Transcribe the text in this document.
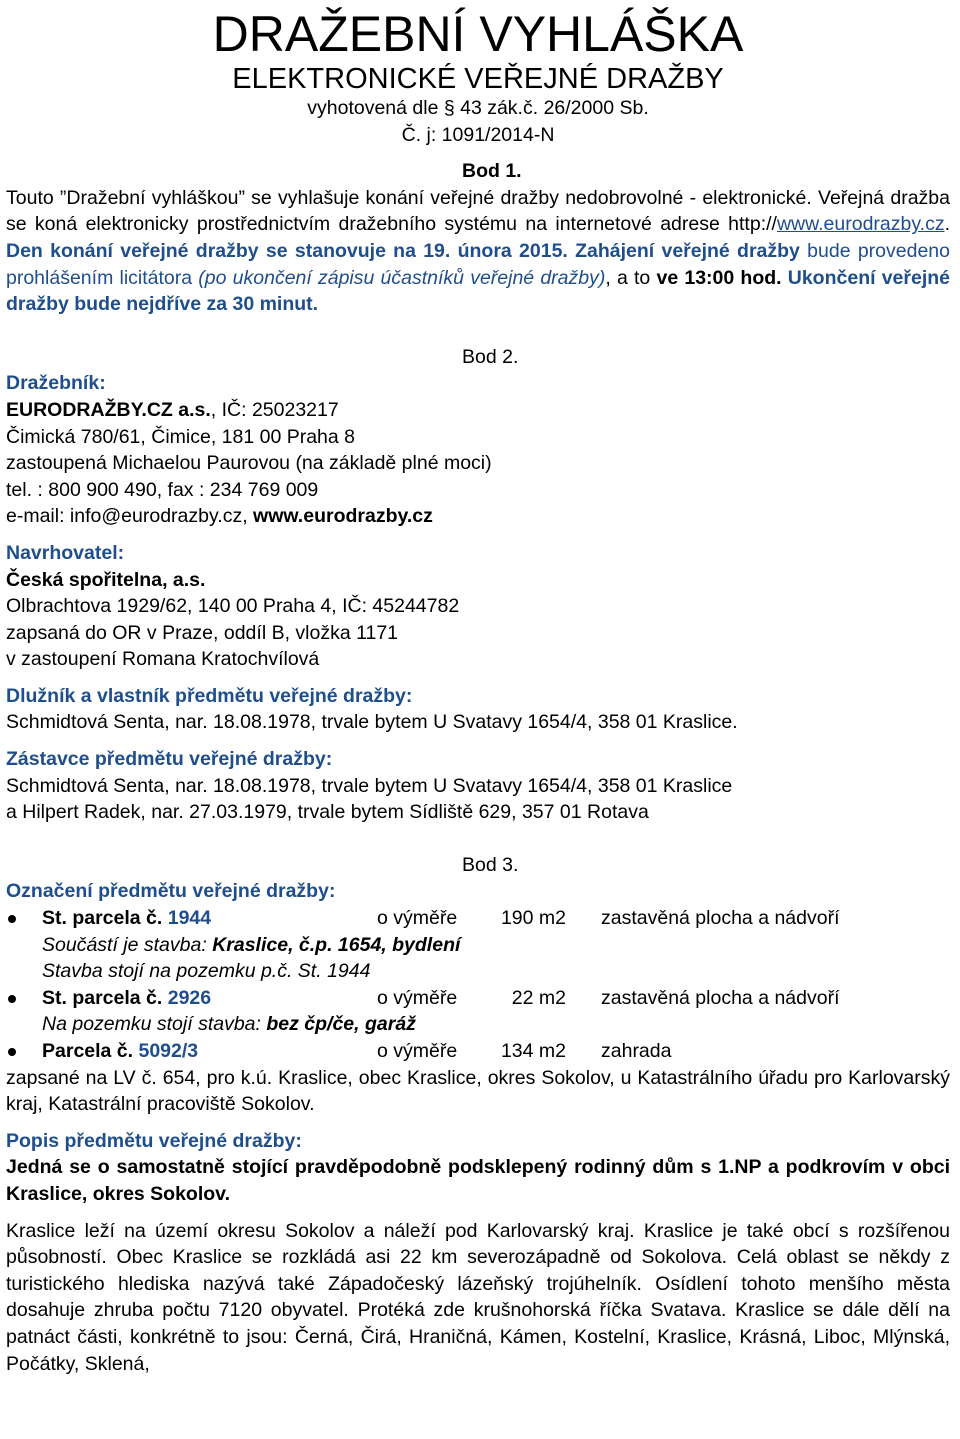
DRAŽEBNÍ VYHLÁŠKA
ELEKTRONICKÉ VEŘEJNÉ DRAŽBY
vyhotovená dle § 43 zák.č. 26/2000 Sb.
Č. j: 1091/2014-N
Bod 1.
Touto ”Dražební vyhláškou” se vyhlašuje konání veřejné dražby nedobrovolné - elektronické. Veřejná dražba se koná elektronicky prostřednictvím dražebního systému na internetové adrese http://www.eurodrazby.cz. Den konání veřejné dražby se stanovuje na 19. února 2015. Zahájení veřejné dražby bude provedeno prohlášením licitátora (po ukončení zápisu účastníků veřejné dražby), a to ve 13:00 hod. Ukončení veřejné dražby bude nejdříve za 30 minut.
Bod 2.
Dražebník:
EURODRAŽBY.CZ a.s., IČ: 25023217
Čimická 780/61, Čimice, 181 00 Praha 8
zastoupená Michaelou Paurovou (na základě plné moci)
tel. : 800 900 490, fax : 234 769 009
e-mail: info@eurodrazby.cz, www.eurodrazby.cz
Navrhovatel:
Česká spořitelna, a.s.
Olbrachtova 1929/62, 140 00 Praha 4, IČ: 45244782
zapsaná do OR v Praze, oddíl B, vložka 1171
v zastoupení Romana Kratochvílová
Dlužník a vlastník předmětu veřejné dražby:
Schmidtová Senta, nar. 18.08.1978, trvale bytem U Svatavy 1654/4, 358 01 Kraslice.
Zástavce předmětu veřejné dražby:
Schmidtová Senta, nar. 18.08.1978, trvale bytem U Svatavy 1654/4, 358 01 Kraslice
a Hilpert Radek, nar. 27.03.1979, trvale bytem Sídliště 629, 357 01 Rotava
Bod 3.
Označení předmětu veřejné dražby:
St. parcela č. 1944	o výměře	190 m2 zastavěná plocha a nádvoří
Součástí je stavba: Kraslice, č.p. 1654, bydlení
Stavba stojí na pozemku p.č. St. 1944
St. parcela č. 2926	o výměře	22 m2 zastavěná plocha a nádvoří
Na pozemku stojí stavba: bez čp/če, garáž
Parcela č. 5092/3	o výměře	134 m2 zahrada
zapsané na LV č. 654, pro k.ú. Kraslice, obec Kraslice, okres Sokolov, u Katastrálního úřadu pro Karlovarský kraj, Katastrální pracoviště Sokolov.
Popis předmětu veřejné dražby:
Jedná se o samostatně stojící pravděpodobně podsklepený rodinný dům s 1.NP a podkrovím v obci Kraslice, okres Sokolov.
Kraslice leží na území okresu Sokolov a náleží pod Karlovarský kraj. Kraslice je také obcí s rozšířenou působností. Obec Kraslice se rozkládá asi 22 km severozápadně od Sokolova. Celá oblast se někdy z turistického hlediska nazývá také Západočeský lázeňský trojúhelník. Osídlení tohoto menšího města dosahuje zhruba počtu 7120 obyvatel. Protéká zde krušnohorská říčka Svatava. Kraslice se dále dělí na patnáct části, konkrétně to jsou: Černá, Čirá, Hraničná, Kámen, Kostelní, Kraslice, Krásná, Liboc, Mlýnská, Počátky, Sklená,
